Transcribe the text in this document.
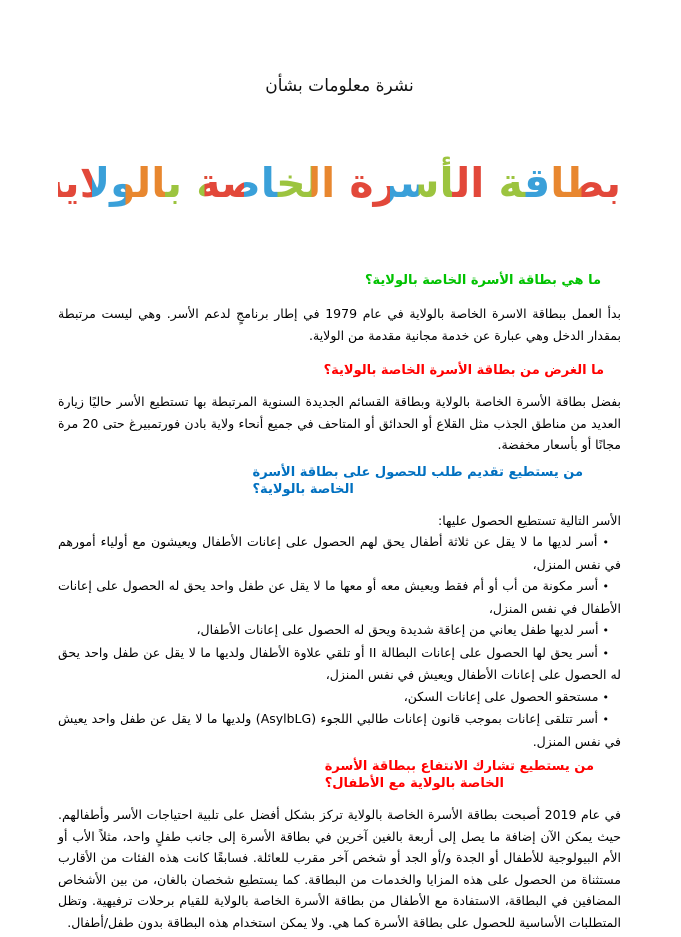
نشرة معلومات بشأن
بطاقة الأسرة الخاصة بالولاية
ما هي بطاقة الأسرة الخاصة بالولاية؟

بدأ العمل ببطاقة الاسرة الخاصة بالولاية في عام 1979 في إطار برنامجٍ لدعم الأسر. وهي ليست مرتبطة بمقدار الدخل وهي عبارة عن خدمة مجانية مقدمة من الولاية.

ما الغرض من بطاقة الأسرة الخاصة بالولاية؟

بفضل بطاقة الأسرة الخاصة بالولاية وبطاقة القسائم الجديدة السنوية المرتبطة بها تستطيع الأسر حاليًا زيارة العديد من مناطق الجذب مثل القلاع أو الحدائق أو المتاحف في جميع أنحاء ولاية بادن فورتمبيرغ حتى 20 مرة مجانًا أو بأسعار مخفضة.

من يستطيع تقديم طلب للحصول على بطاقة الأسرة
الخاصة بالولاية؟
الأسر التالية تستطيع الحصول عليها:
• أسر لديها ما لا يقل عن ثلاثة أطفال يحق لهم الحصول على إعانات الأطفال ويعيشون مع أولياء أمورهم في نفس المنزل،
• أسر مكونة من أب أو أم فقط ويعيش معه أو معها ما لا يقل عن طفل واحد يحق له الحصول على إعانات الأطفال في نفس المنزل،
• أسر لديها طفل يعاني من إعاقة شديدة ويحق له الحصول على إعانات الأطفال،
• أسر يحق لها الحصول على إعانات البطالة II أو تلقي علاوة الأطفال ولديها ما لا يقل عن طفل واحد يحق له الحصول على إعانات الأطفال ويعيش في نفس المنزل،
• مستحقو الحصول على إعانات السكن،
• أسر تتلقى إعانات بموجب قانون إعانات طالبي اللجوء (AsylbLG) ولديها ما لا يقل عن طفل واحد يعيش في نفس المنزل.
من يستطيع تشارك الانتفاع ببطاقة الأسرة
الخاصة بالولاية مع الأطفال؟

في عام 2019 أصبحت بطاقة الأسرة الخاصة بالولاية تركز بشكل أفضل على تلبية احتياجات الأسر وأطفالهم. حيث يمكن الآن إضافة ما يصل إلى أربعة بالغين آخرين في بطاقة الأسرة إلى جانب طفلٍ واحد، مثلاً الأب أو الأم البيولوجية للأطفال أو الجدة و/أو الجد أو شخص آخر مقرب للعائلة. فسابقًا كانت هذه الفئات من الأقارب مستثناة من الحصول على هذه المزايا والخدمات من البطاقة. كما يستطيع شخصان بالغان، من بين الأشخاص المضافين في البطاقة، الاستفادة مع الأطفال من بطاقة الأسرة الخاصة بالولاية للقيام برحلات ترفيهية. وتظل المتطلبات الأساسية للحصول على بطاقة الأسرة كما هي. ولا يمكن استخدام هذه البطاقة بدون طفل/أطفال.
